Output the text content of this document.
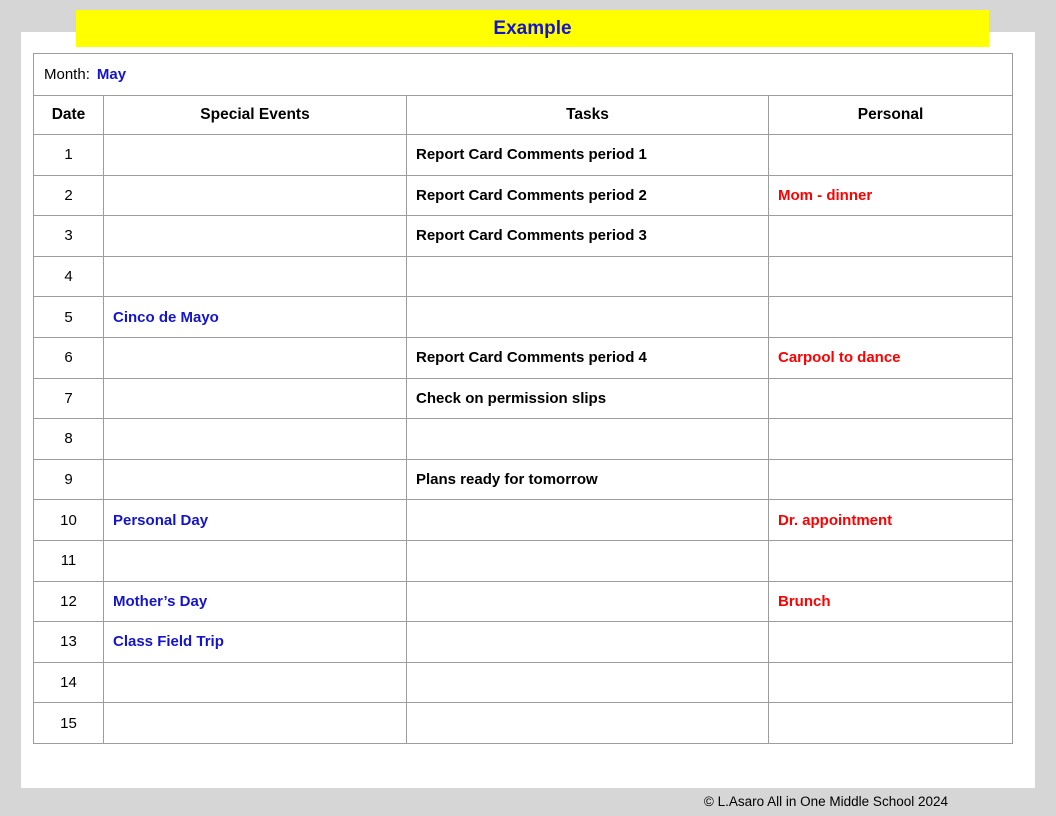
Example
Month: May			
Date	Special Events	Tasks	Personal
1		Report Card Comments period 1	
2		Report Card Comments period 2	Mom - dinner
3		Report Card Comments period 3	
4			
5	Cinco de Mayo		
6		Report Card Comments period 4	Carpool to dance
7		Check on permission slips	
8			
9		Plans ready for tomorrow	
10	Personal Day		Dr. appointment
11			
12	Mother’s Day		Brunch
13	Class Field Trip		
14			
15			
© L.Asaro All in One Middle School 2024
